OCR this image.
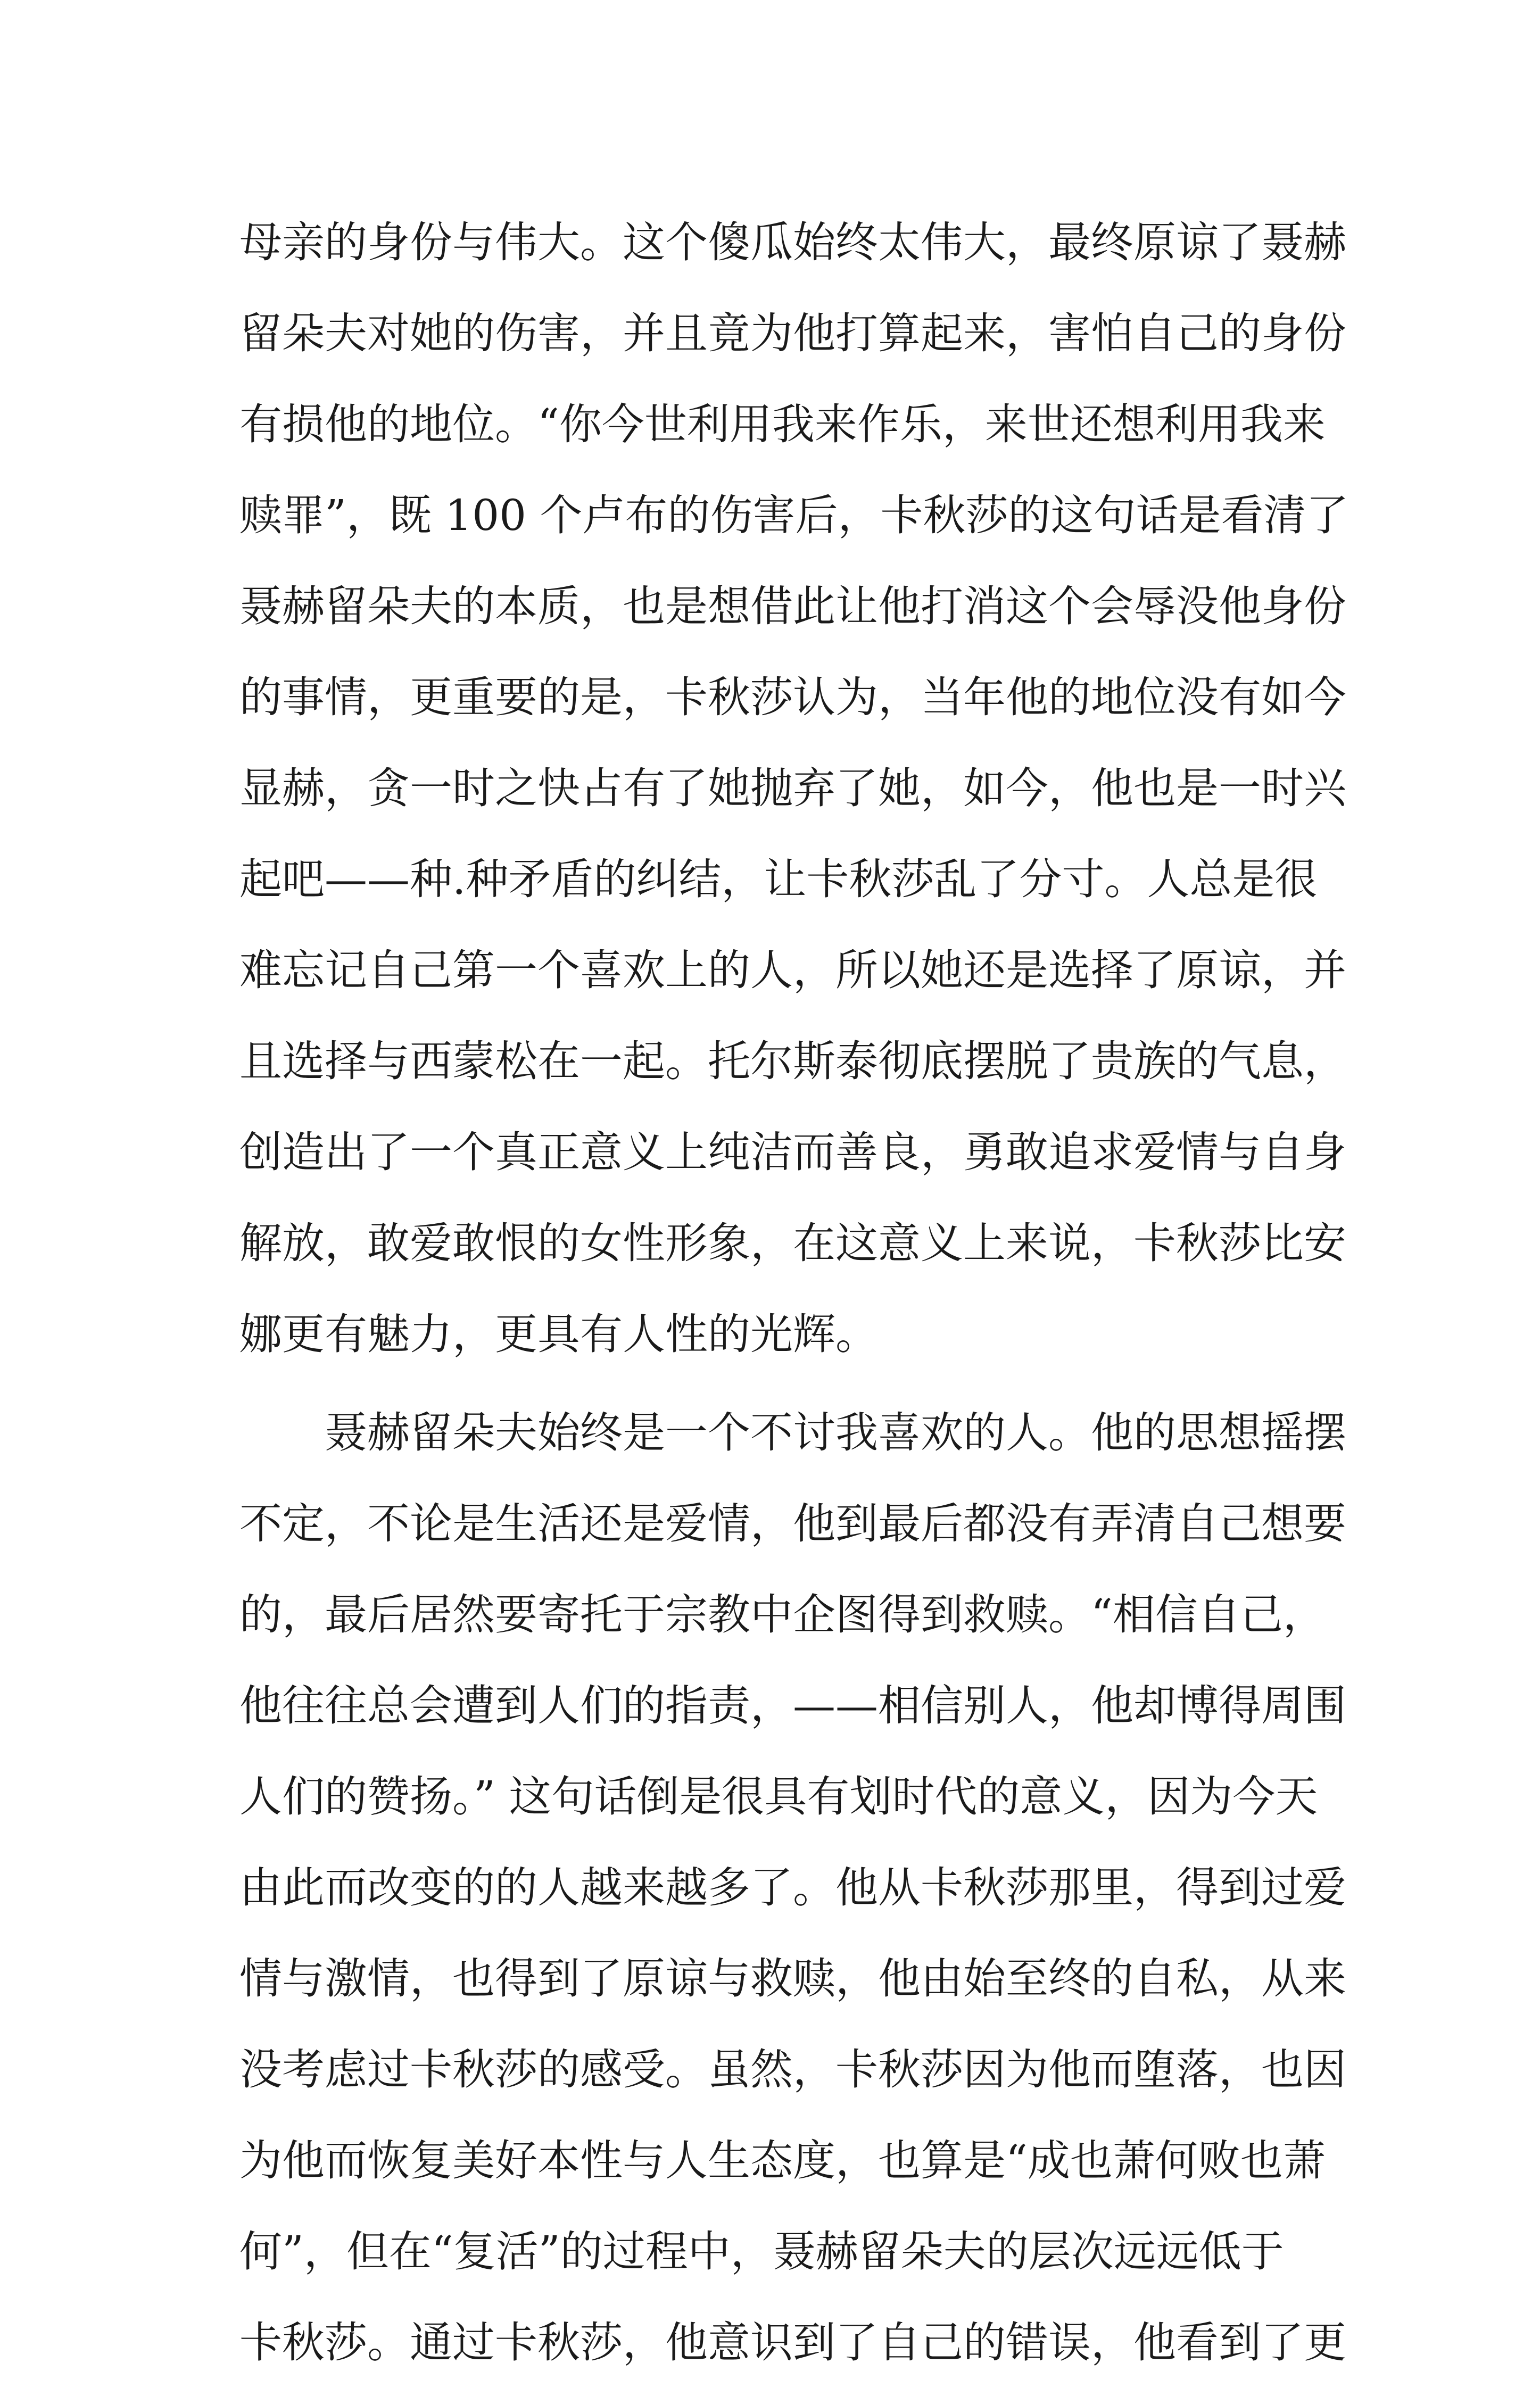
母亲的身份与伟大。这个傻瓜始终太伟大，最终原谅了聂赫
留朵夫对她的伤害，并且竟为他打算起来，害怕自己的身份
有损他的地位。“你今世利用我来作乐，来世还想利用我来
赎罪”，既 100 个卢布的伤害后，卡秋莎的这句话是看清了
聂赫留朵夫的本质，也是想借此让他打消这个会辱没他身份
的事情，更重要的是，卡秋莎认为，当年他的地位没有如今
显赫，贪一时之快占有了她抛弃了她，如今，他也是一时兴
起吧——种.种矛盾的纠结，让卡秋莎乱了分寸。人总是很
难忘记自己第一个喜欢上的人，所以她还是选择了原谅，并
且选择与西蒙松在一起。托尔斯泰彻底摆脱了贵族的气息，
创造出了一个真正意义上纯洁而善良，勇敢追求爱情与自身
解放，敢爱敢恨的女性形象，在这意义上来说，卡秋莎比安
娜更有魅力，更具有人性的光辉。
　　聂赫留朵夫始终是一个不讨我喜欢的人。他的思想摇摆
不定，不论是生活还是爱情，他到最后都没有弄清自己想要
的，最后居然要寄托于宗教中企图得到救赎。“相信自己，
他往往总会遭到人们的指责，——相信别人，他却博得周围
人们的赞扬。” 这句话倒是很具有划时代的意义，因为今天
由此而改变的的人越来越多了。他从卡秋莎那里，得到过爱
情与激情，也得到了原谅与救赎，他由始至终的自私，从来
没考虑过卡秋莎的感受。虽然，卡秋莎因为他而堕落，也因
为他而恢复美好本性与人生态度，也算是“成也萧何败也萧
何”，但在“复活”的过程中，聂赫留朵夫的层次远远低于
卡秋莎。通过卡秋莎，他意识到了自己的错误，他看到了更
